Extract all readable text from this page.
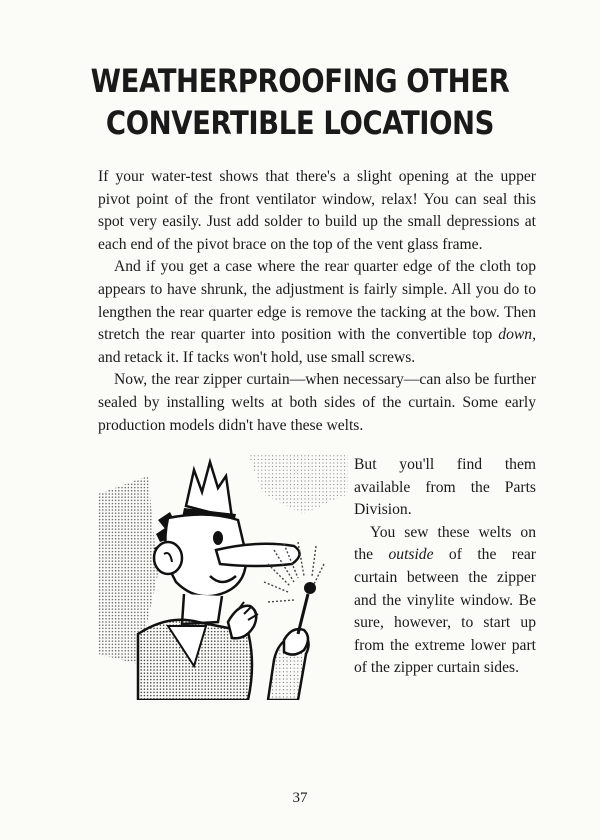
WEATHERPROOFING OTHER
CONVERTIBLE LOCATIONS

If your water-test shows that there's a slight opening at the upper pivot point of the front ventilator window, relax! You can seal this spot very easily. Just add solder to build up the small depressions at each end of the pivot brace on the top of the vent glass frame.

And if you get a case where the rear quarter edge of the cloth top appears to have shrunk, the adjustment is fairly simple. All you do to lengthen the rear quarter edge is remove the tacking at the bow. Then stretch the rear quarter into position with the convertible top down, and retack it. If tacks won't hold, use small screws.

Now, the rear zipper curtain—when necessary—can also be further sealed by installing welts at both sides of the curtain. Some early production models didn't have these welts.

But you'll find them available from the Parts Division.

You sew these welts on the outside of the rear curtain between the zipper and the vinylite window. Be sure, however, to start up from the extreme lower part of the zipper curtain sides.

37
